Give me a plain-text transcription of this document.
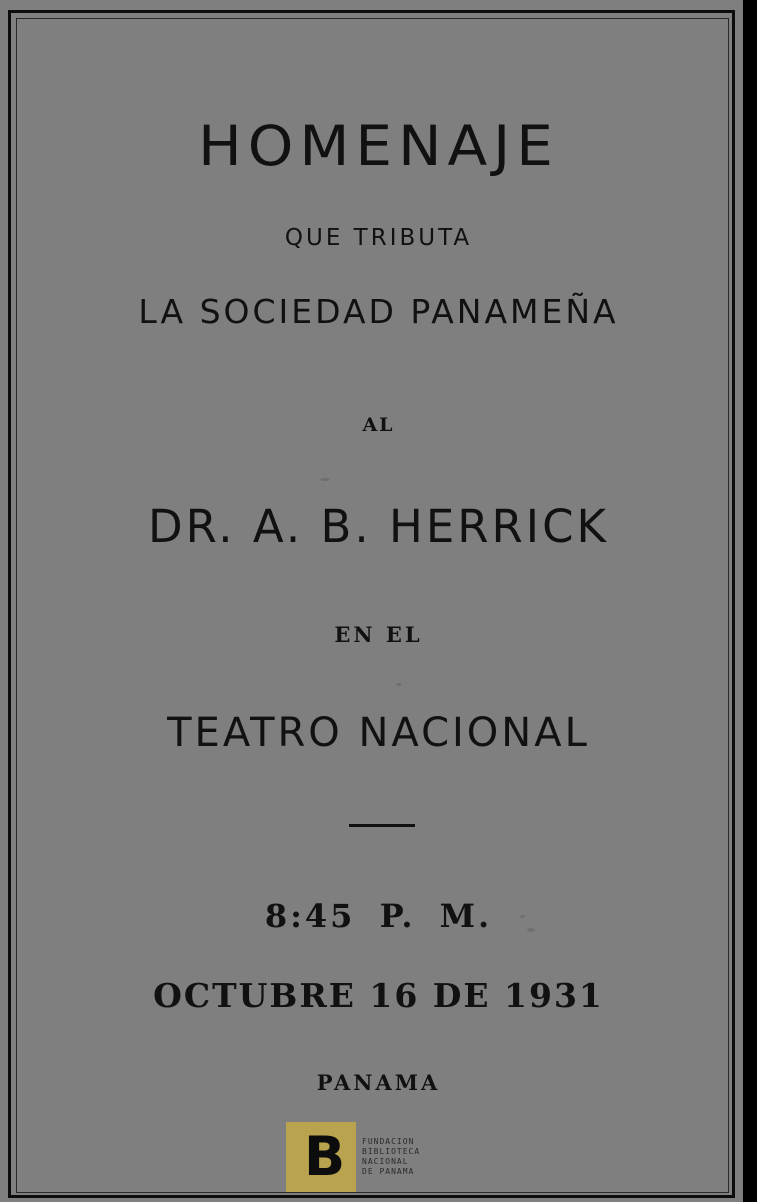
HOMENAJE
QUE TRIBUTA
LA SOCIEDAD PANAMEÑA
AL
DR. A. B. HERRICK
EN EL
TEATRO NACIONAL
8:45 P. M.
OCTUBRE 16 DE 1931
PANAMA
B FUNDACION
BIBLIOTECA
NACIONAL
DE PANAMA
